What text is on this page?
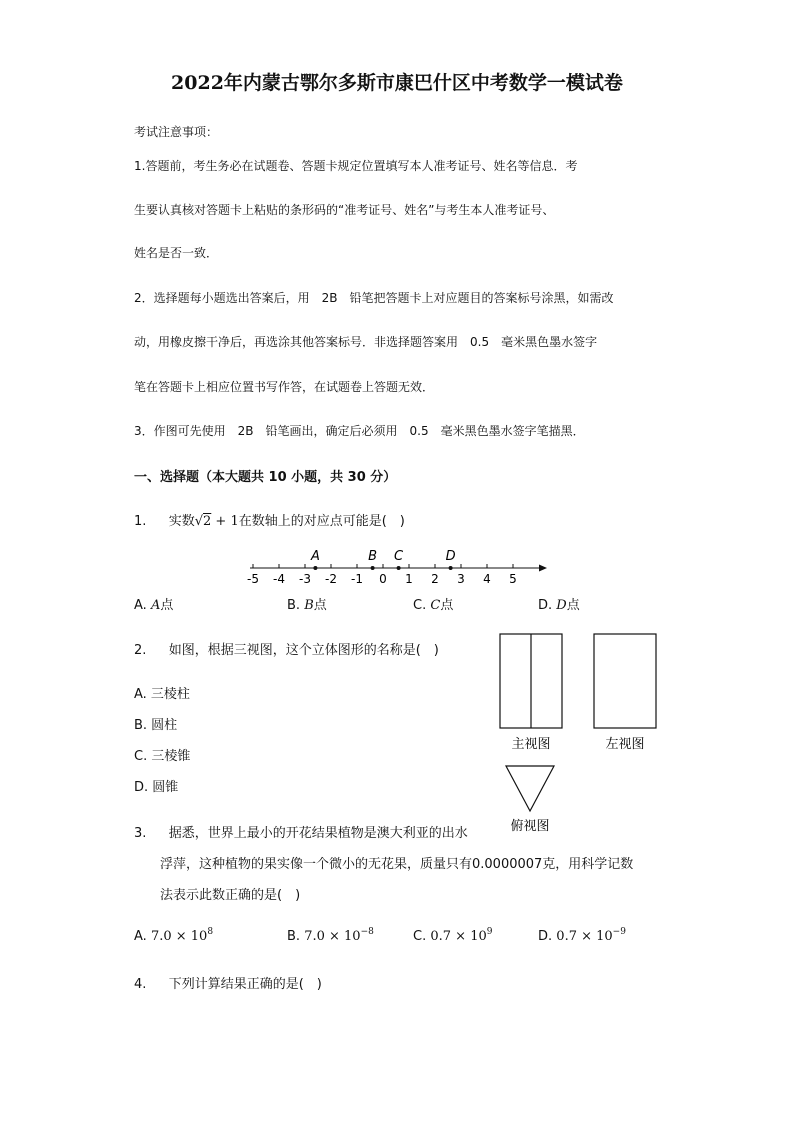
2022年内蒙古鄂尔多斯市康巴什区中考数学一模试卷
考试注意事项：
1.答题前，考生务必在试题卷、答题卡规定位置填写本人准考证号、姓名等信息．考
生要认真核对答题卡上粘贴的条形码的“准考证号、姓名”与考生本人准考证号、
姓名是否一致．
2．选择题每小题选出答案后，用　2B　铅笔把答题卡上对应题目的答案标号涂黑，如需改
动，用橡皮擦干净后，再选涂其他答案标号．非选择题答案用　0.5　毫米黑色墨水签字
笔在答题卡上相应位置书写作答，在试题卷上答题无效．
3．作图可先使用　2B　铅笔画出，确定后必须用　0.5　毫米黑色墨水签字笔描黑．
一、选择题（本大题共 10 小题，共 30 分）
1. 实数√2 + 1在数轴上的对应点可能是(　)
-5 -4 -3 -2 -1 0 1 2 3 4 5
A	B C	D
A. A点	B. B点	C. C点	D. D点
2. 如图，根据三视图，这个立体图形的名称是(　)
A. 三棱柱
B. 圆柱
C. 三棱锥
D. 圆锥
主视图	左视图
俯视图
3. 据悉，世界上最小的开花结果植物是澳大利亚的出水
浮萍，这种植物的果实像一个微小的无花果，质量只有0.0000007克，用科学记数
法表示此数正确的是(　)
A. $7.0 \times 10^8$	B. $7.0 \times 10^{-8}$	C. $0.7 \times 10^9$	D. $0.7 \times 10^{-9}$
4. 下列计算结果正确的是(　)
